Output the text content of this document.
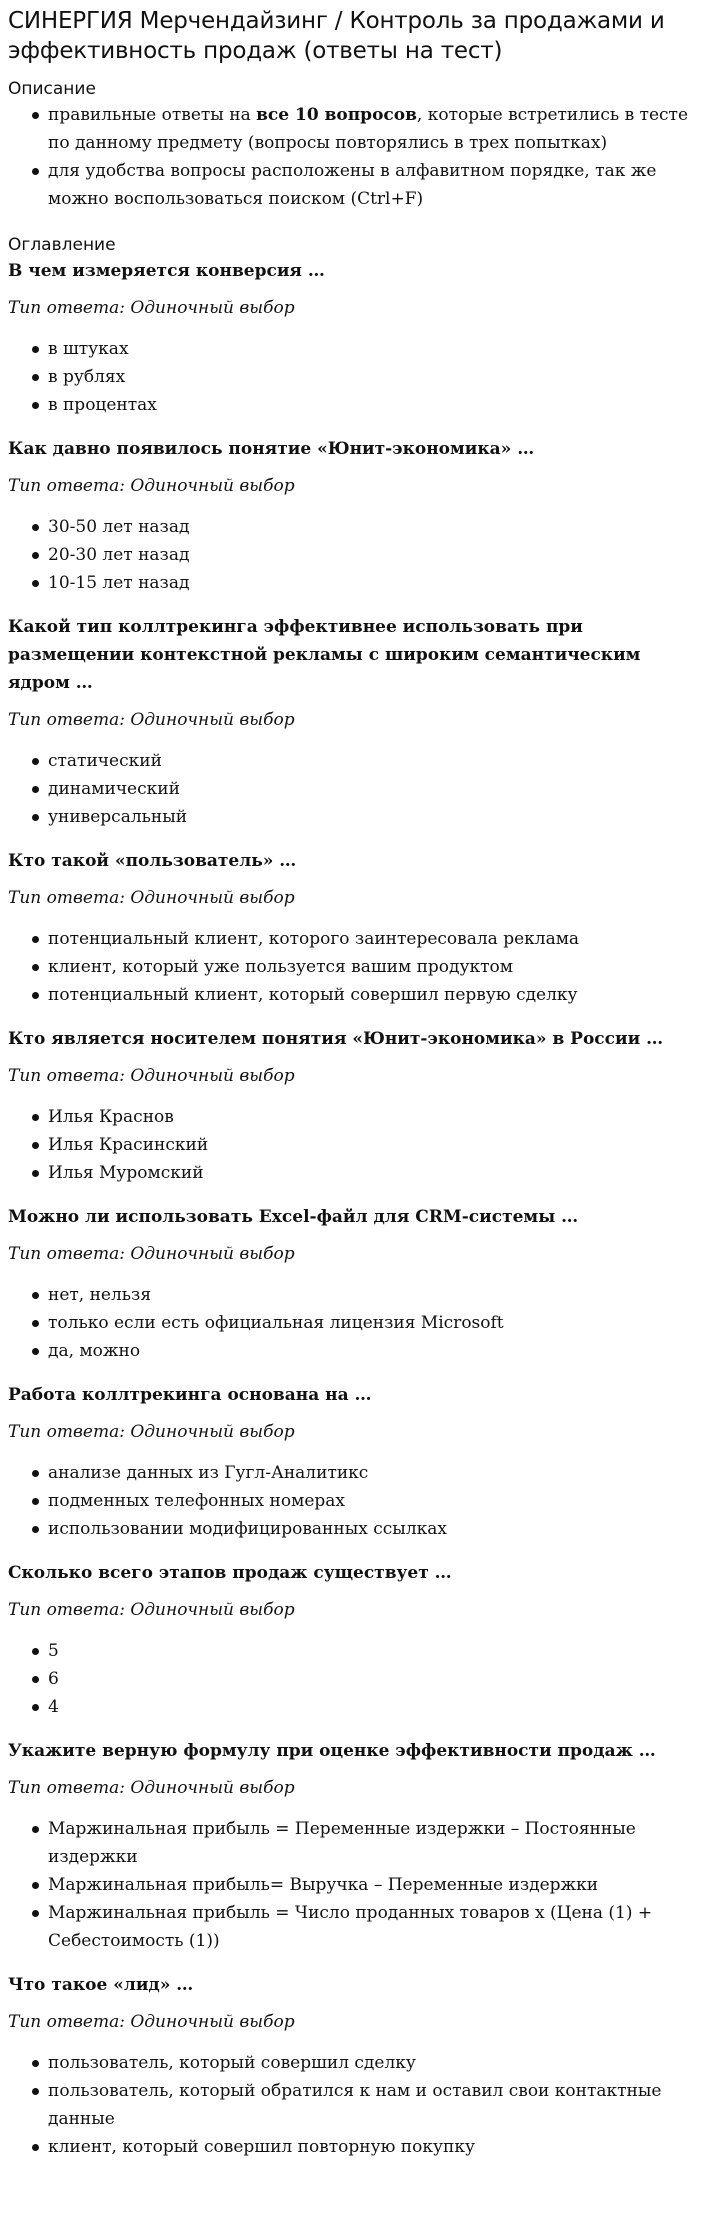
СИНЕРГИЯ Мерчендайзинг / Контроль за продажами и эффективность продаж (ответы на тест)

Описание

правильные ответы на все 10 вопросов, которые встретились в тесте по данному предмету (вопросы повторялись в трех попытках)
для удобства вопросы расположены в алфавитном порядке, так же можно воспользоваться поиском (Ctrl+F)

Оглавление

В чем измеряется конверсия …

Тип ответа: Одиночный выбор

в штуках
в рублях
в процентах

Как давно появилось понятие «Юнит-экономика» …

Тип ответа: Одиночный выбор

30-50 лет назад
20-30 лет назад
10-15 лет назад

Какой тип коллтрекинга эффективнее использовать при размещении контекстной рекламы с широким семантическим ядром …

Тип ответа: Одиночный выбор

статический
динамический
универсальный

Кто такой «пользователь» …

Тип ответа: Одиночный выбор

потенциальный клиент, которого заинтересовала реклама
клиент, который уже пользуется вашим продуктом
потенциальный клиент, который совершил первую сделку

Кто является носителем понятия «Юнит-экономика» в России …

Тип ответа: Одиночный выбор

Илья Краснов
Илья Красинский
Илья Муромский

Можно ли использовать Excel-файл для CRM-системы …

Тип ответа: Одиночный выбор

нет, нельзя
только если есть официальная лицензия Microsoft
да, можно

Работа коллтрекинга основана на …

Тип ответа: Одиночный выбор

анализе данных из Гугл-Аналитикс
подменных телефонных номерах
использовании модифицированных ссылках

Сколько всего этапов продаж существует …

Тип ответа: Одиночный выбор

5
6
4

Укажите верную формулу при оценке эффективности продаж …

Тип ответа: Одиночный выбор

Маржинальная прибыль = Переменные издержки – Постоянные издержки
Маржинальная прибыль= Выручка – Переменные издержки
Маржинальная прибыль = Число проданных товаров х (Цена (1) + Себестоимость (1))

Что такое «лид» …

Тип ответа: Одиночный выбор

пользователь, который совершил сделку
пользователь, который обратился к нам и оставил свои контактные данные
клиент, который совершил повторную покупку
